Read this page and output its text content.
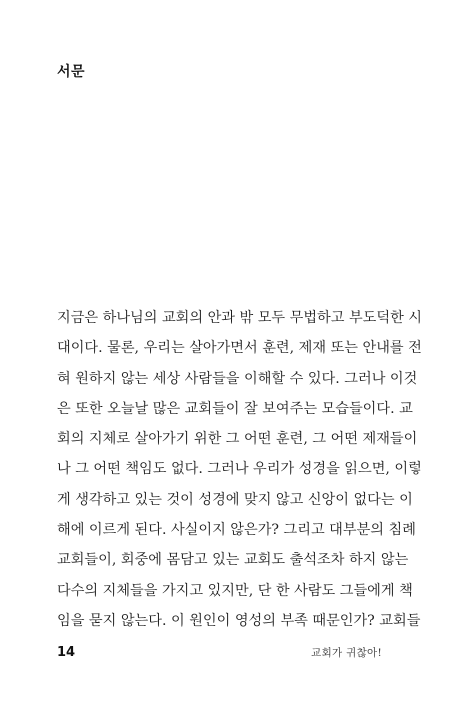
서문
지금은 하나님의 교회의 안과 밖 모두 무법하고 부도덕한 시
대이다. 물론, 우리는 살아가면서 훈련, 제재 또는 안내를 전
혀 원하지 않는 세상 사람들을 이해할 수 있다. 그러나 이것
은 또한 오늘날 많은 교회들이 잘 보여주는 모습들이다. 교
회의 지체로 살아가기 위한 그 어떤 훈련, 그 어떤 제재들이
나 그 어떤 책임도 없다. 그러나 우리가 성경을 읽으면, 이렇
게 생각하고 있는 것이 성경에 맞지 않고 신앙이 없다는 이
해에 이르게 된다. 사실이지 않은가? 그리고 대부분의 침례
교회들이, 회중에 몸담고 있는 교회도 출석조차 하지 않는
다수의 지체들을 가지고 있지만, 단 한 사람도 그들에게 책
임을 묻지 않는다. 이 원인이 영성의 부족 때문인가? 교회들
14	교회가 귀찮아!
